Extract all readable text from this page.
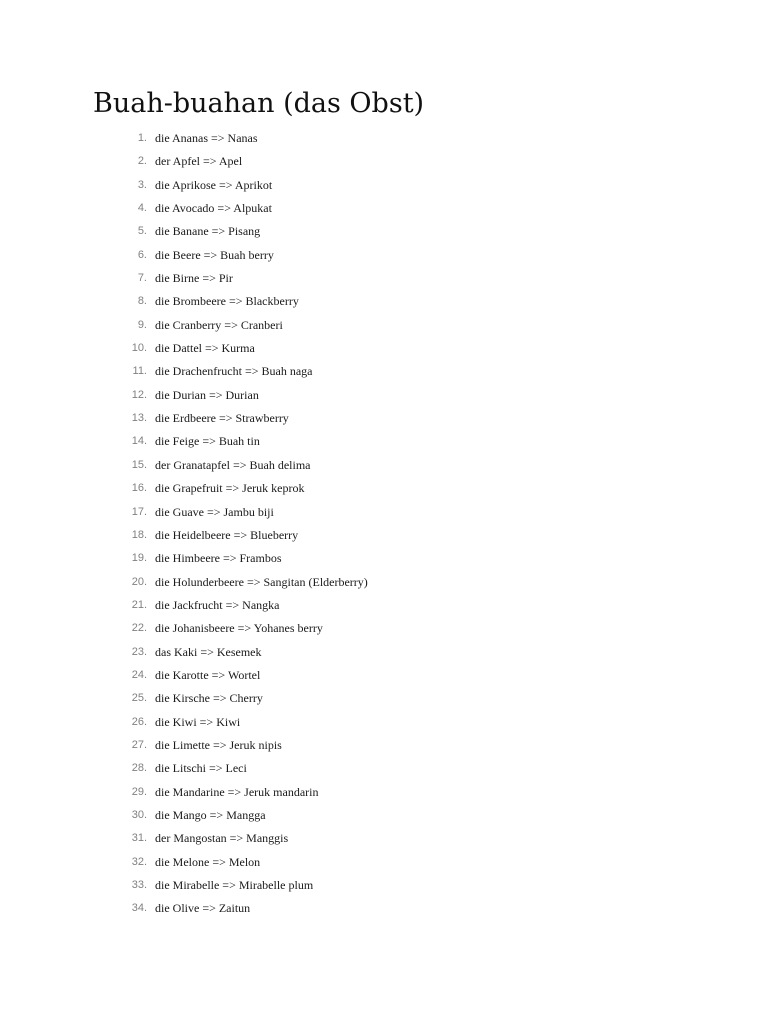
Buah-buahan (das Obst)
1. die Ananas => Nanas
2. der Apfel => Apel
3. die Aprikose => Aprikot
4. die Avocado => Alpukat
5. die Banane => Pisang
6. die Beere => Buah berry
7. die Birne => Pir
8. die Brombeere => Blackberry
9. die Cranberry => Cranberi
10. die Dattel => Kurma
11. die Drachenfrucht => Buah naga
12. die Durian => Durian
13. die Erdbeere => Strawberry
14. die Feige => Buah tin
15. der Granatapfel => Buah delima
16. die Grapefruit => Jeruk keprok
17. die Guave => Jambu biji
18. die Heidelbeere => Blueberry
19. die Himbeere => Frambos
20. die Holunderbeere => Sangitan (Elderberry)
21. die Jackfrucht => Nangka
22. die Johanisbeere => Yohanes berry
23. das Kaki => Kesemek
24. die Karotte => Wortel
25. die Kirsche => Cherry
26. die Kiwi => Kiwi
27. die Limette => Jeruk nipis
28. die Litschi => Leci
29. die Mandarine => Jeruk mandarin
30. die Mango => Mangga
31. der Mangostan => Manggis
32. die Melone => Melon
33. die Mirabelle => Mirabelle plum
34. die Olive => Zaitun
